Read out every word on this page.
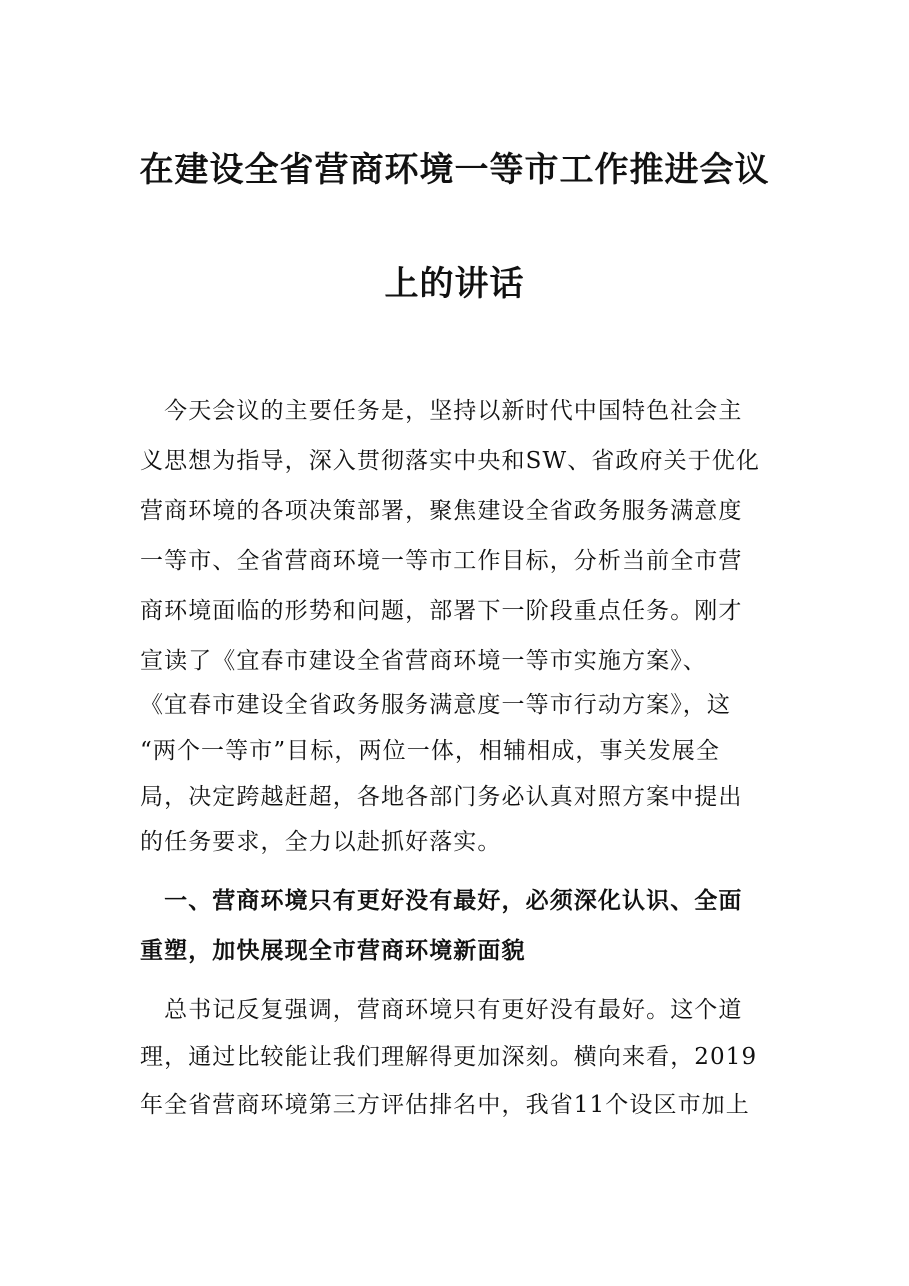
在建设全省营商环境一等市工作推进会议
上的讲话

　今天会议的主要任务是，坚持以新时代中国特色社会主

义思想为指导，深入贯彻落实中央和SW、省政府关于优化

营商环境的各项决策部署，聚焦建设全省政务服务满意度

一等市、全省营商环境一等市工作目标，分析当前全市营

商环境面临的形势和问题，部署下一阶段重点任务。刚才

宣读了《宜春市建设全省营商环境一等市实施方案》、

《宜春市建设全省政务服务满意度一等市行动方案》，这

“两个一等市”目标，两位一体，相辅相成，事关发展全

局，决定跨越赶超，各地各部门务必认真对照方案中提出

的任务要求，全力以赴抓好落实。

　一、营商环境只有更好没有最好，必须深化认识、全面

重塑，加快展现全市营商环境新面貌

　总书记反复强调，营商环境只有更好没有最好。这个道

理，通过比较能让我们理解得更加深刻。横向来看，2019

年全省营商环境第三方评估排名中，我省11个设区市加上
